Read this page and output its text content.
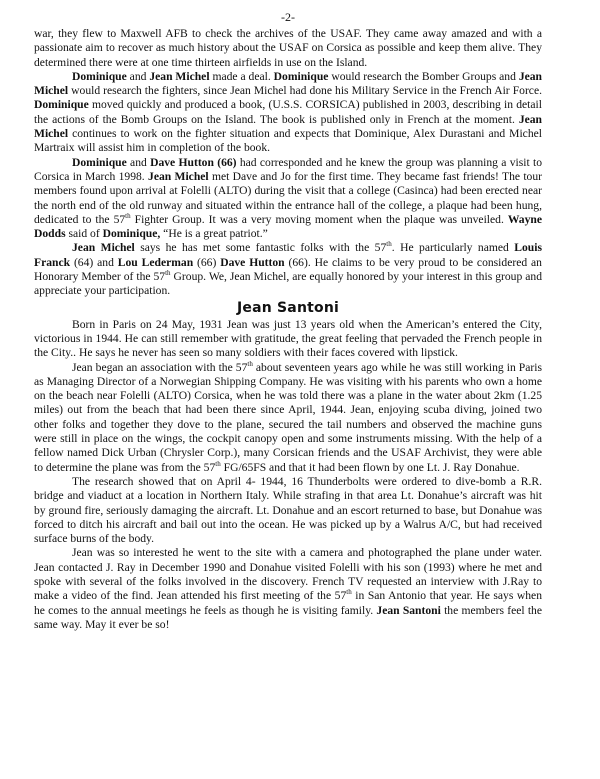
-2-

war, they flew to Maxwell AFB to check the archives of the USAF. They came away amazed and with a passionate aim to recover as much history about the USAF on Corsica as possible and keep them alive. They determined there were at one time thirteen airfields in use on the Island.

Dominique and Jean Michel made a deal. Dominique would research the Bomber Groups and Jean Michel would research the fighters, since Jean Michel had done his Military Service in the French Air Force. Dominique moved quickly and produced a book, (U.S.S. CORSICA) published in 2003, describing in detail the actions of the Bomb Groups on the Island. The book is published only in French at the moment. Jean Michel continues to work on the fighter situation and expects that Dominique, Alex Durastani and Michel Martraix will assist him in completion of the book.

Dominique and Dave Hutton (66) had corresponded and he knew the group was planning a visit to Corsica in March 1998. Jean Michel met Dave and Jo for the first time. They became fast friends! The tour members found upon arrival at Folelli (ALTO) during the visit that a college (Casinca) had been erected near the north end of the old runway and situated within the entrance hall of the college, a plaque had been hung, dedicated to the 57th Fighter Group. It was a very moving moment when the plaque was unveiled. Wayne Dodds said of Dominique, “He is a great patriot.”

Jean Michel says he has met some fantastic folks with the 57th. He particularly named Louis Franck (64) and Lou Lederman (66) Dave Hutton (66). He claims to be very proud to be considered an Honorary Member of the 57th Group. We, Jean Michel, are equally honored by your interest in this group and appreciate your participation.

Jean Santoni

Born in Paris on 24 May, 1931 Jean was just 13 years old when the American’s entered the City, victorious in 1944. He can still remember with gratitude, the great feeling that pervaded the French people in the City.. He says he never has seen so many soldiers with their faces covered with lipstick.

Jean began an association with the 57th about seventeen years ago while he was still working in Paris as Managing Director of a Norwegian Shipping Company. He was visiting with his parents who own a home on the beach near Folelli (ALTO) Corsica, when he was told there was a plane in the water about 2km (1.25 miles) out from the beach that had been there since April, 1944. Jean, enjoying scuba diving, joined two other folks and together they dove to the plane, secured the tail numbers and observed the machine guns were still in place on the wings, the cockpit canopy open and some instruments missing. With the help of a fellow named Dick Urban (Chrysler Corp.), many Corsican friends and the USAF Archivist, they were able to determine the plane was from the 57th FG/65FS and that it had been flown by one Lt. J. Ray Donahue.

The research showed that on April 4- 1944, 16 Thunderbolts were ordered to dive-bomb a R.R. bridge and viaduct at a location in Northern Italy. While strafing in that area Lt. Donahue’s aircraft was hit by ground fire, seriously damaging the aircraft. Lt. Donahue and an escort returned to base, but Donahue was forced to ditch his aircraft and bail out into the ocean. He was picked up by a Walrus A/C, but had received surface burns of the body.

Jean was so interested he went to the site with a camera and photographed the plane under water. Jean contacted J. Ray in December 1990 and Donahue visited Folelli with his son (1993) where he met and spoke with several of the folks involved in the discovery. French TV requested an interview with J.Ray to make a video of the find. Jean attended his first meeting of the 57th in San Antonio that year. He says when he comes to the annual meetings he feels as though he is visiting family. Jean Santoni the members feel the same way. May it ever be so!
